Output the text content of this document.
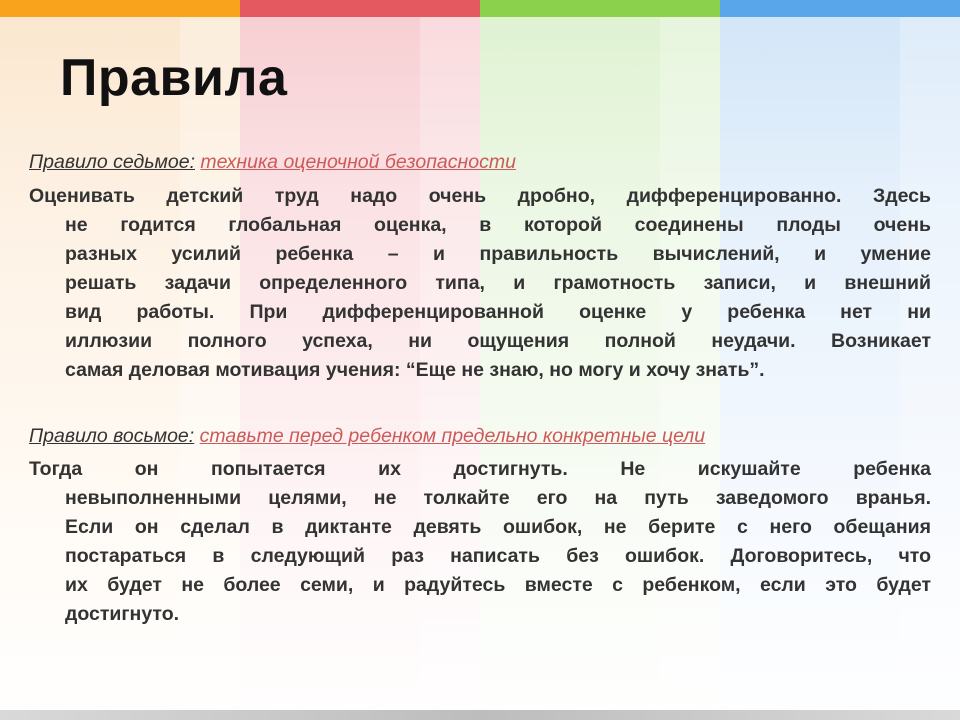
Правила
Правило седьмое: техника оценочной безопасности
Оценивать детский труд надо очень дробно, дифференцированно. Здесь
не годится глобальная оценка, в которой соединены плоды очень
разных усилий ребенка – и правильность вычислений, и умение
решать задачи определенного типа, и грамотность записи, и внешний
вид работы. При дифференцированной оценке у ребенка нет ни
иллюзии полного успеха, ни ощущения полной неудачи. Возникает
самая деловая мотивация учения: “Еще не знаю, но могу и хочу знать”.
Правило восьмое: ставьте перед ребенком предельно конкретные цели
Тогда он попытается их достигнуть. Не искушайте ребенка
невыполненными целями, не толкайте его на путь заведомого вранья.
Если он сделал в диктанте девять ошибок, не берите с него обещания
постараться в следующий раз написать без ошибок. Договоритесь, что
их будет не более семи, и радуйтесь вместе с ребенком, если это будет
достигнуто.
